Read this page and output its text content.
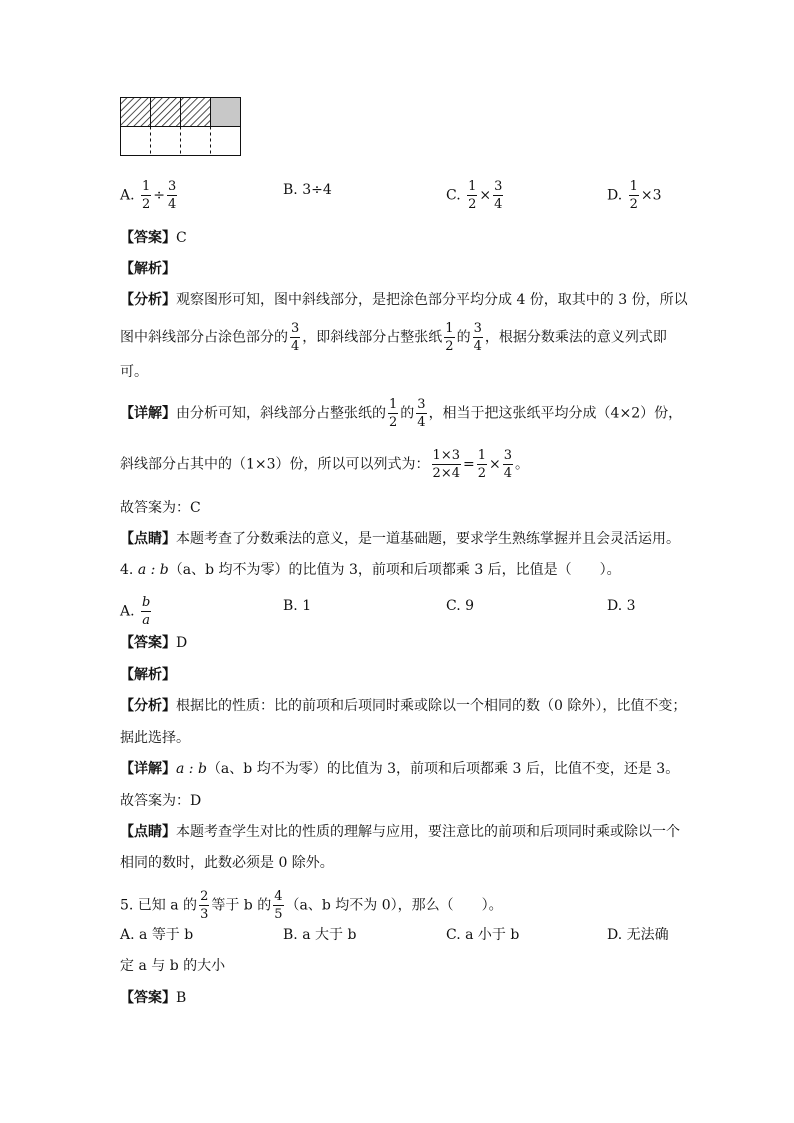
A. $\frac{1}{2} \div \frac{3}{4}$	B. 3÷4	C. $\frac{1}{2} \times \frac{3}{4}$	D. $\frac{1}{2} \times 3$
【答案】C
【解析】
【分析】观察图形可知，图中斜线部分，是把涂色部分平均分成 4 份，取其中的 3 份，所以
图中斜线部分占涂色部分的 $\frac{3}{4}$ ，即斜线部分占整张纸 $\frac{1}{2}$ 的 $\frac{3}{4}$ ，根据分数乘法的意义列式即
可。
【详解】由分析可知，斜线部分占整张纸的 $\frac{1}{2}$ 的 $\frac{3}{4}$ ，相当于把这张纸平均分成（4×2）份，
斜线部分占其中的（1×3）份，所以可以列式为： $\frac{1\times 3}{2\times 4} = \frac{1}{2} \times \frac{3}{4}$ 。
故答案为：C
【点睛】本题考查了分数乘法的意义，是一道基础题，要求学生熟练掌握并且会灵活运用。
4. a : b（a、b 均不为零）的比值为 3，前项和后项都乘 3 后，比值是（　　）。
A. $\frac{b}{a}$	B. 1	C. 9	D. 3
【答案】D
【解析】
【分析】根据比的性质：比的前项和后项同时乘或除以一个相同的数（0 除外），比值不变；
据此选择。
【详解】a : b（a、b 均不为零）的比值为 3，前项和后项都乘 3 后，比值不变，还是 3。
故答案为：D
【点睛】本题考查学生对比的性质的理解与应用，要注意比的前项和后项同时乘或除以一个
相同的数时，此数必须是 0 除外。
5. 已知 a 的 $\frac{2}{3}$ 等于 b 的 $\frac{4}{5} (a$、b 均不为 0），那么（　　）。
A. a 等于 b	B. a 大于 b	C. a 小于 b	D. 无法确
定 a 与 b 的大小
【答案】B
